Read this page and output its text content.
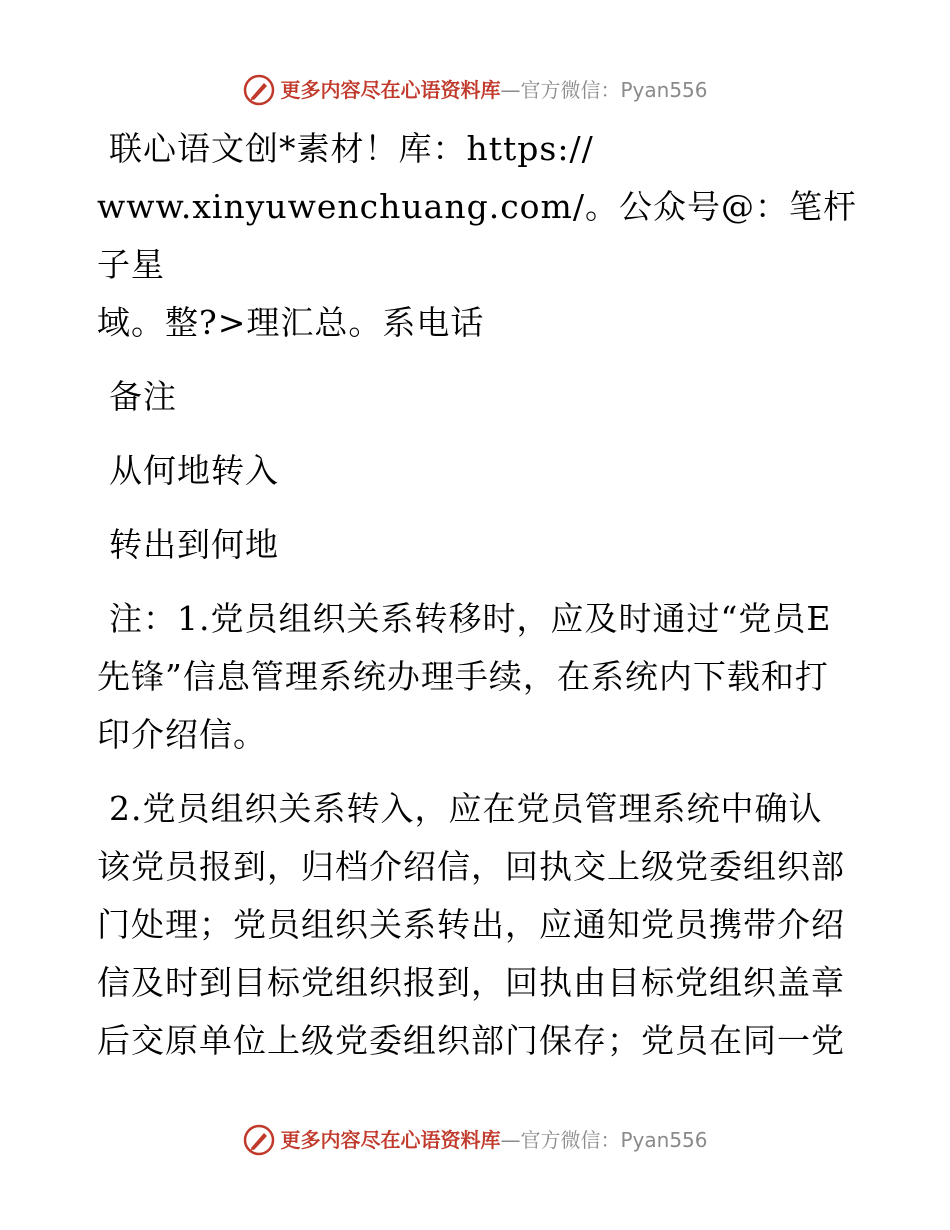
更多内容尽在心语资料库 — 官方微信： Pyan556
联心语文创*素材！库：https://
www.xinyuwenchuang.com/。公众号@：笔杆子星
域。整?>理汇总。系电话
备注
从何地转入
转出到何地
注：1.党员组织关系转移时，应及时通过“党员E
先锋”信息管理系统办理手续，在系统内下载和打
印介绍信。
2.党员组织关系转入，应在党员管理系统中确认
该党员报到，归档介绍信，回执交上级党委组织部
门处理；党员组织关系转出，应通知党员携带介绍
信及时到目标党组织报到，回执由目标党组织盖章
后交原单位上级党委组织部门保存；党员在同一党
更多内容尽在心语资料库 — 官方微信： Pyan556
